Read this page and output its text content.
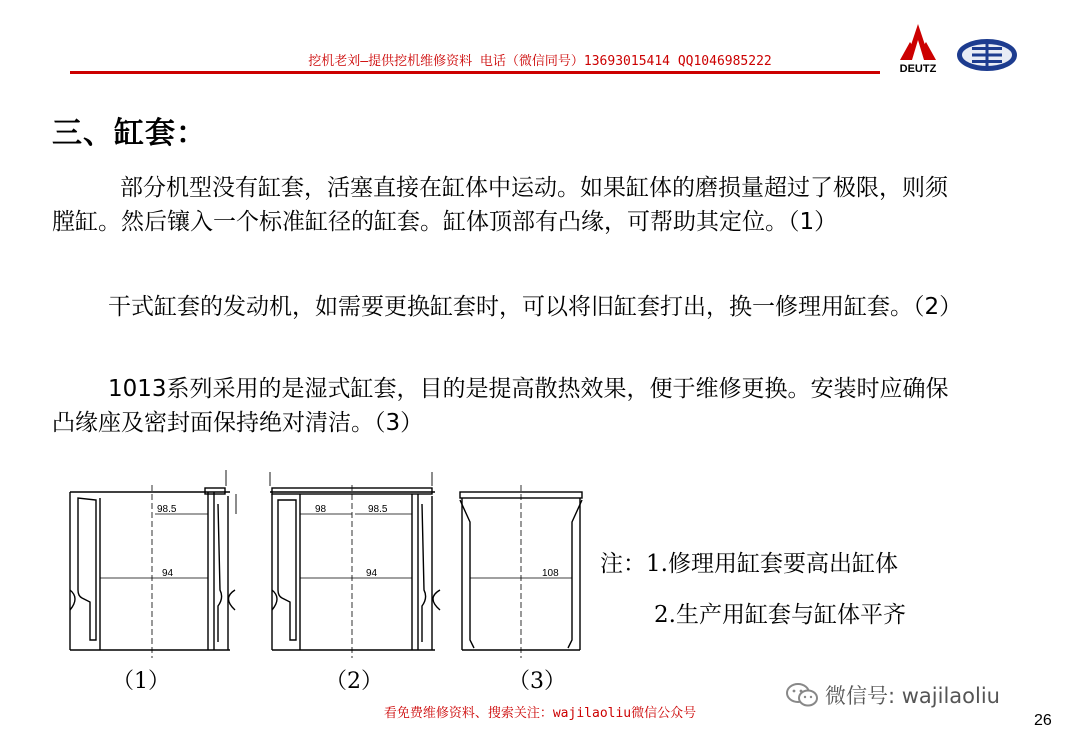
挖机老刘—提供挖机维修资料 电话（微信同号）13693015414 QQ1046985222	DEUTZ
三、缸套：
部分机型没有缸套，活塞直接在缸体中运动。如果缸体的磨损量超过了极限，则须膛缸。然后镶入一个标准缸径的缸套。缸体顶部有凸缘，可帮助其定位。（1）
干式缸套的发动机，如需要更换缸套时，可以将旧缸套打出，换一修理用缸套。（2）
1013系列采用的是湿式缸套，目的是提高散热效果，便于维修更换。安装时应确保凸缘座及密封面保持绝对清洁。（3）
98.5
94
98	98.5
94	108
（1）	（2）	（3）
注：1.修理用缸套要高出缸体
2.生产用缸套与缸体平齐
看免费维修资料、搜索关注：wajilaoliu微信公众号
微信号: wajilaoliu
26
